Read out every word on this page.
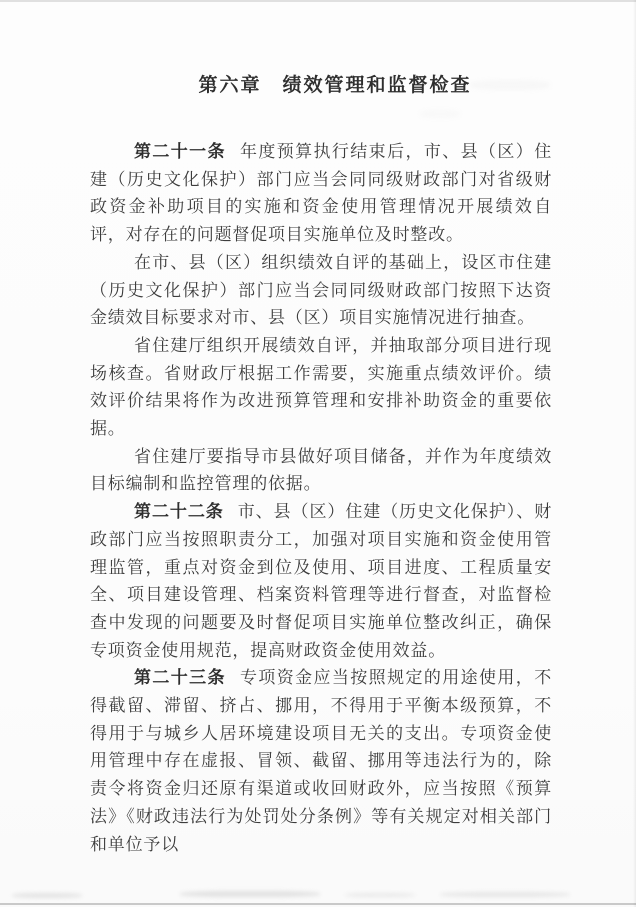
第六章　绩效管理和监督检查

第二十一条 年度预算执行结束后，市、县（区）住建（历史文化保护）部门应当会同同级财政部门对省级财政资金补助项目的实施和资金使用管理情况开展绩效自评，对存在的问题督促项目实施单位及时整改。

在市、县（区）组织绩效自评的基础上，设区市住建（历史文化保护）部门应当会同同级财政部门按照下达资金绩效目标要求对市、县（区）项目实施情况进行抽查。

省住建厅组织开展绩效自评，并抽取部分项目进行现场核查。省财政厅根据工作需要，实施重点绩效评价。绩效评价结果将作为改进预算管理和安排补助资金的重要依据。

省住建厅要指导市县做好项目储备，并作为年度绩效目标编制和监控管理的依据。

第二十二条 市、县（区）住建（历史文化保护）、财政部门应当按照职责分工，加强对项目实施和资金使用管理监管，重点对资金到位及使用、项目进度、工程质量安全、项目建设管理、档案资料管理等进行督查，对监督检查中发现的问题要及时督促项目实施单位整改纠正，确保专项资金使用规范，提高财政资金使用效益。

第二十三条 专项资金应当按照规定的用途使用，不得截留、滞留、挤占、挪用，不得用于平衡本级预算，不得用于与城乡人居环境建设项目无关的支出。专项资金使用管理中存在虚报、冒领、截留、挪用等违法行为的，除责令将资金归还原有渠道或收回财政外，应当按照《预算法》《财政违法行为处罚处分条例》等有关规定对相关部门和单位予以
